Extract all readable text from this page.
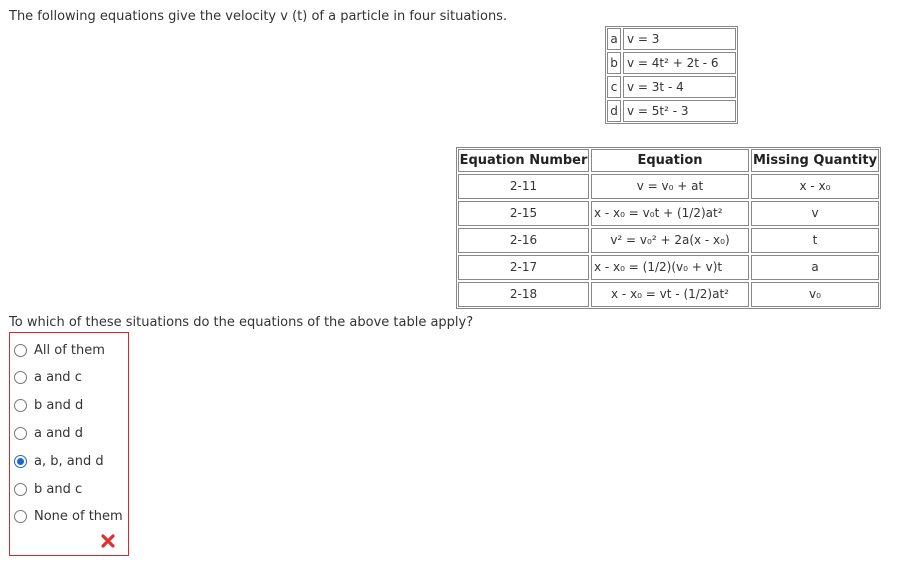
The following equations give the velocity v (t) of a particle in four situations.
a v = 3
b v = 4t² + 2t - 6
c v = 3t - 4
d v = 5t² - 3
Equation Number	Equation	Missing Quantity
2-11	v = v₀ + at	x - x₀
2-15	x - x₀ = v₀t + (1/2)at²	v
2-16	v² = v₀² + 2a(x - x₀)	t
2-17	x - x₀ = (1/2)(v₀ + v)t	a
2-18	x - x₀ = vt - (1/2)at²	v₀
To which of these situations do the equations of the above table apply?
All of them
a and c
b and d
a and d
a, b, and d
b and c
None of them
